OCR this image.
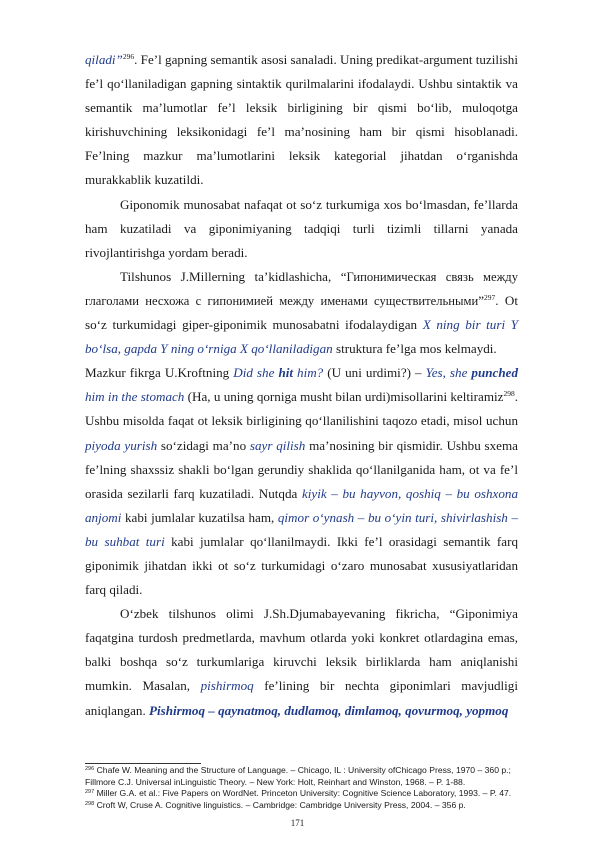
qiladi”$^{296}$. Fe’l gapning semantik asosi sanaladi. Uning predikat-argument tuzilishi fe’l qo‘llaniladigan gapning sintaktik qurilmalarini ifodalaydi. Ushbu sintaktik va semantik ma’lumotlar fe’l leksik birligining bir qismi bo‘lib, muloqotga kirishuvchining leksikonidagi fe’l ma’nosining ham bir qismi hisoblanadi. Fe’lning mazkur ma’lumotlarini leksik kategorial jihatdan o‘rganishda murakkablik kuzatildi.

Giponomik munosabat nafaqat ot so‘z turkumiga xos bo‘lmasdan, fe’llarda ham kuzatiladi va giponimiyaning tadqiqi turli tizimli tillarni yanada rivojlantirishga yordam beradi.

Tilshunos J.Millerning ta’kidlashicha, “Гипонимическая связь между глаголами несхожа с гипонимией между именами существительными”$^{297}$. Ot so‘z turkumidagi giper-giponimik munosabatni ifodalaydigan X ning bir turi Y bo‘lsa, gapda Y ning o‘rniga X qo‘llaniladigan struktura fe’lga mos kelmaydi.

Mazkur fikrga U.Kroftning Did she hit him? (U uni urdimi?) – Yes, she punched him in the stomach (Ha, u uning qorniga musht bilan urdi)misollarini keltiramiz$^{298}$. Ushbu misolda faqat ot leksik birligining qo‘llanilishini taqozo etadi, misol uchun piyoda yurish so‘zidagi ma’no sayr qilish ma’nosining bir qismidir. Ushbu sxema fe’lning shaxssiz shakli bo‘lgan gerundiy shaklida qo‘llanilganida ham, ot va fe’l orasida sezilarli farq kuzatiladi. Nutqda kiyik – bu hayvon, qoshiq – bu oshxona anjomi kabi jumlalar kuzatilsa ham, qimor o‘ynash – bu o‘yin turi, shivirlashish – bu suhbat turi kabi jumlalar qo‘llanilmaydi. Ikki fe’l orasidagi semantik farq giponimik jihatdan ikki ot so‘z turkumidagi o‘zaro munosabat xususiyatlaridan farq qiladi.

O‘zbek tilshunos olimi J.Sh.Djumabayevaning fikricha, “Giponimiya faqatgina turdosh predmetlarda, mavhum otlarda yoki konkret otlardagina emas, balki boshqa so‘z turkumlariga kiruvchi leksik birliklarda ham aniqlanishi mumkin. Masalan, pishirmoq fe’lining bir nechta giponimlari mavjudligi aniqlangan. Pishirmoq – qaynatmoq, dudlamoq, dimlamoq, qovurmoq, yopmoq

$^{296}$ Chafe W. Meaning and the Structure of Language. – Chicago, IL : University ofChicago Press, 1970 – 360 p.; Fillmore C.J. Universal inLinguistic Theory. – New York: Holt, Reinhart and Winston, 1968. – P. 1-88.

$^{297}$ Miller G.A. et al.: Five Papers on WordNet. Princeton University: Cognitive Science Laboratory, 1993. – P. 47.

$^{298}$ Croft W, Cruse A. Cognitive linguistics. – Cambridge: Cambridge University Press, 2004. – 356 p.

171
